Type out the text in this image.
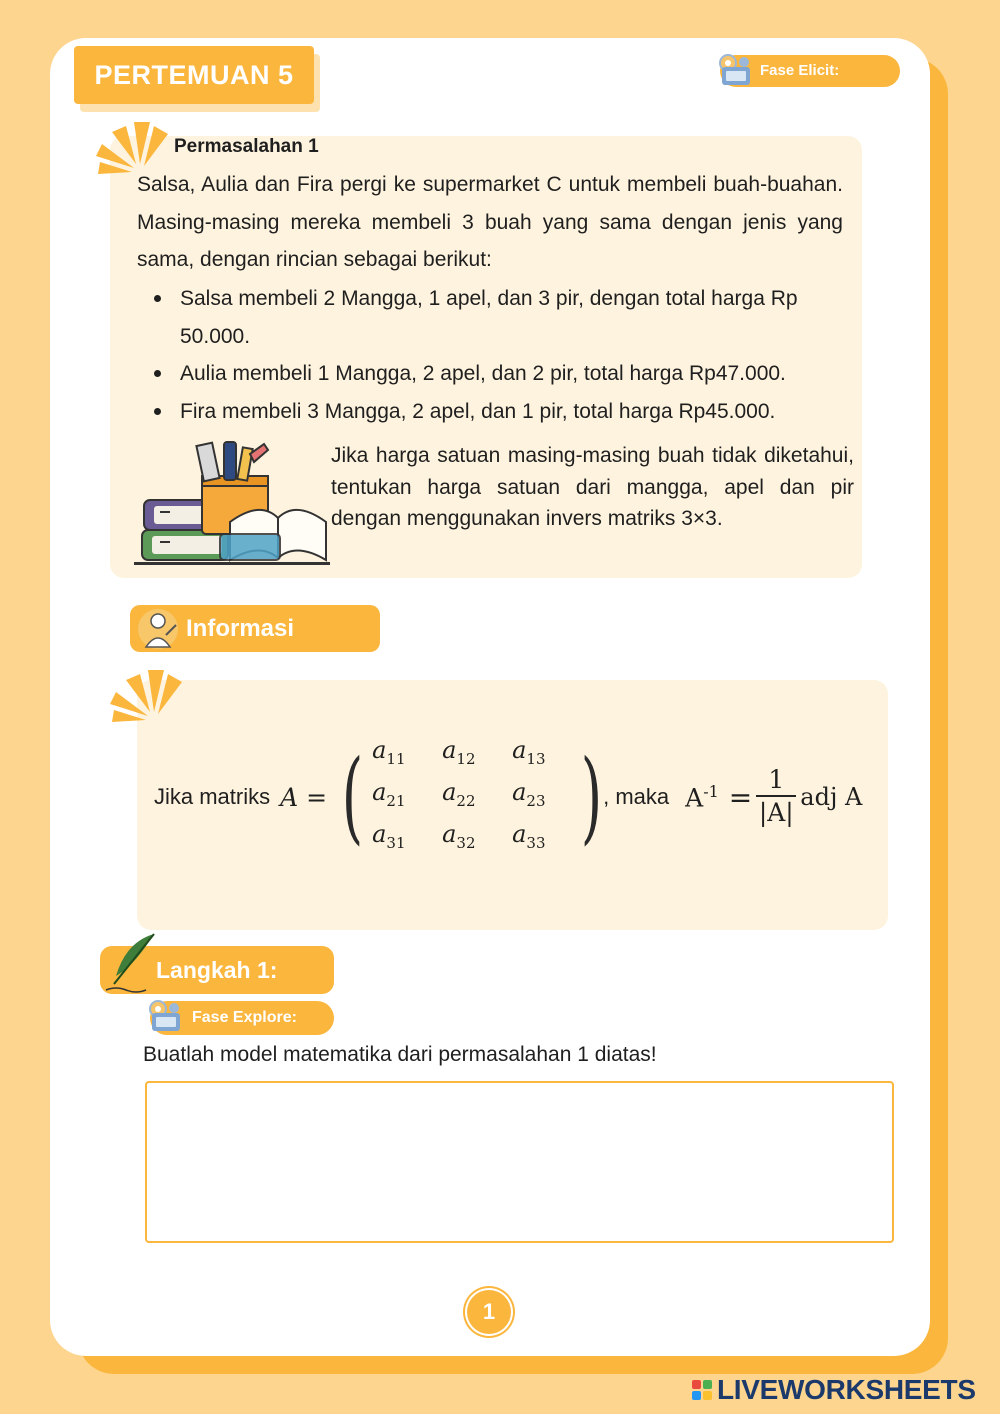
PERTEMUAN 5	Fase Elicit:
Permasalahan 1
Salsa, Aulia dan Fira pergi ke supermarket C untuk membeli buah-buahan. Masing-masing mereka membeli 3 buah yang sama dengan jenis yang sama, dengan rincian sebagai berikut:
Salsa membeli 2 Mangga, 1 apel, dan 3 pir, dengan total harga Rp 50.000.
Aulia membeli 1 Mangga, 2 apel, dan 2 pir, total harga Rp47.000.
Fira membeli 3 Mangga, 2 apel, dan 1 pir, total harga Rp45.000.
Jika harga satuan masing-masing buah tidak diketahui, tentukan harga satuan dari mangga, apel dan pir dengan menggunakan invers matriks 3×3.
Informasi
Jika matriks A = ( $a_{11}$	$a_{12}$	$a_{13}$
$a_{21}$	$a_{22}$	$a_{23}$
$a_{31}$	$a_{32}$	$a_{33}$ ) , maka $A^{-1} = \frac{1}{|A|}$ adj A
Langkah 1:
Fase Explore:
Buatlah model matematika dari permasalahan 1 diatas!
1
LIVEWORKSHEETS
